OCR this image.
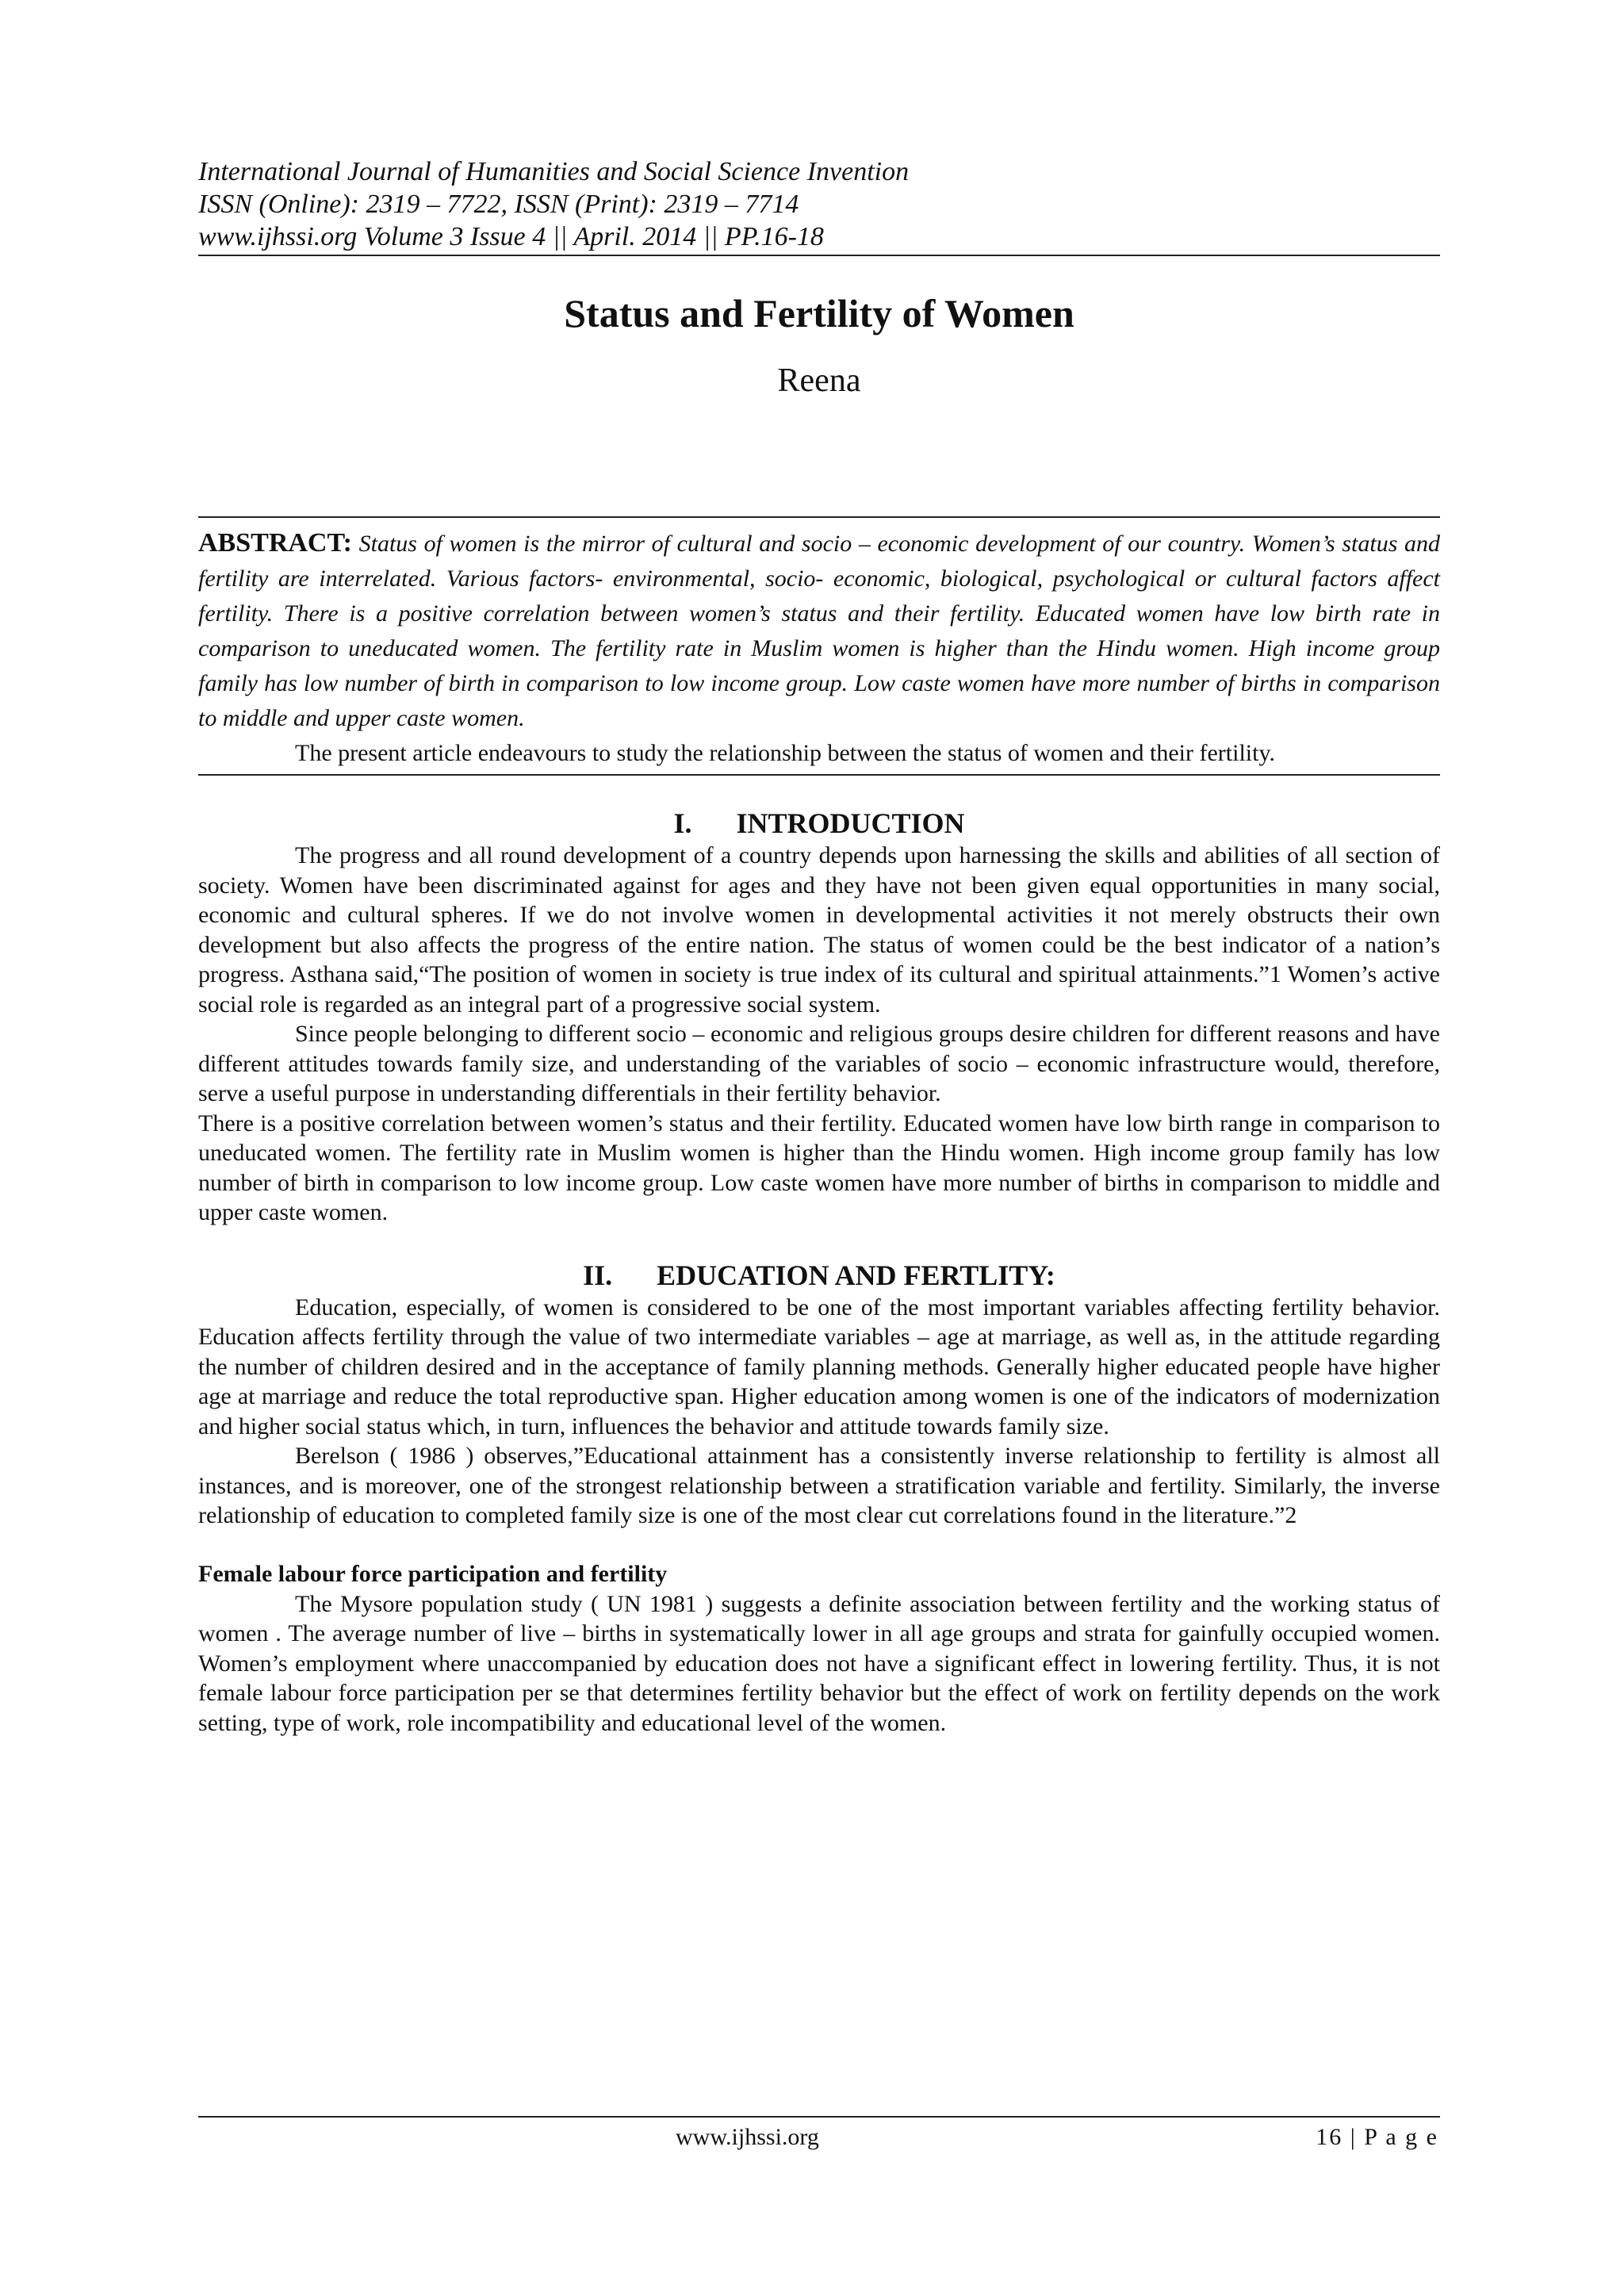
International Journal of Humanities and Social Science Invention
ISSN (Online): 2319 – 7722, ISSN (Print): 2319 – 7714
www.ijhssi.org Volume 3 Issue 4 || April. 2014 || PP.16-18
Status and Fertility of Women
Reena

ABSTRACT: Status of women is the mirror of cultural and socio – economic development of our country. Women’s status and fertility are interrelated. Various factors- environmental, socio- economic, biological, psychological or cultural factors affect fertility. There is a positive correlation between women’s status and their fertility. Educated women have low birth rate in comparison to uneducated women. The fertility rate in Muslim women is higher than the Hindu women. High income group family has low number of birth in comparison to low income group. Low caste women have more number of births in comparison to middle and upper caste women.

The present article endeavours to study the relationship between the status of women and their fertility.

I. INTRODUCTION

The progress and all round development of a country depends upon harnessing the skills and abilities of all section of society. Women have been discriminated against for ages and they have not been given equal opportunities in many social, economic and cultural spheres. If we do not involve women in developmental activities it not merely obstructs their own development but also affects the progress of the entire nation. The status of women could be the best indicator of a nation’s progress. Asthana said,“The position of women in society is true index of its cultural and spiritual attainments.”1 Women’s active social role is regarded as an integral part of a progressive social system.

Since people belonging to different socio – economic and religious groups desire children for different reasons and have different attitudes towards family size, and understanding of the variables of socio – economic infrastructure would, therefore, serve a useful purpose in understanding differentials in their fertility behavior.

There is a positive correlation between women’s status and their fertility. Educated women have low birth range in comparison to uneducated women. The fertility rate in Muslim women is higher than the Hindu women. High income group family has low number of birth in comparison to low income group. Low caste women have more number of births in comparison to middle and upper caste women.

II. EDUCATION AND FERTLITY:

Education, especially, of women is considered to be one of the most important variables affecting fertility behavior. Education affects fertility through the value of two intermediate variables – age at marriage, as well as, in the attitude regarding the number of children desired and in the acceptance of family planning methods. Generally higher educated people have higher age at marriage and reduce the total reproductive span. Higher education among women is one of the indicators of modernization and higher social status which, in turn, influences the behavior and attitude towards family size.

Berelson ( 1986 ) observes,”Educational attainment has a consistently inverse relationship to fertility is almost all instances, and is moreover, one of the strongest relationship between a stratification variable and fertility. Similarly, the inverse relationship of education to completed family size is one of the most clear cut correlations found in the literature.”2

Female labour force participation and fertility

The Mysore population study ( UN 1981 ) suggests a definite association between fertility and the working status of women . The average number of live – births in systematically lower in all age groups and strata for gainfully occupied women. Women’s employment where unaccompanied by education does not have a significant effect in lowering fertility. Thus, it is not female labour force participation per se that determines fertility behavior but the effect of work on fertility depends on the work setting, type of work, role incompatibility and educational level of the women.

www.ijhssi.org	16 | P a g e
